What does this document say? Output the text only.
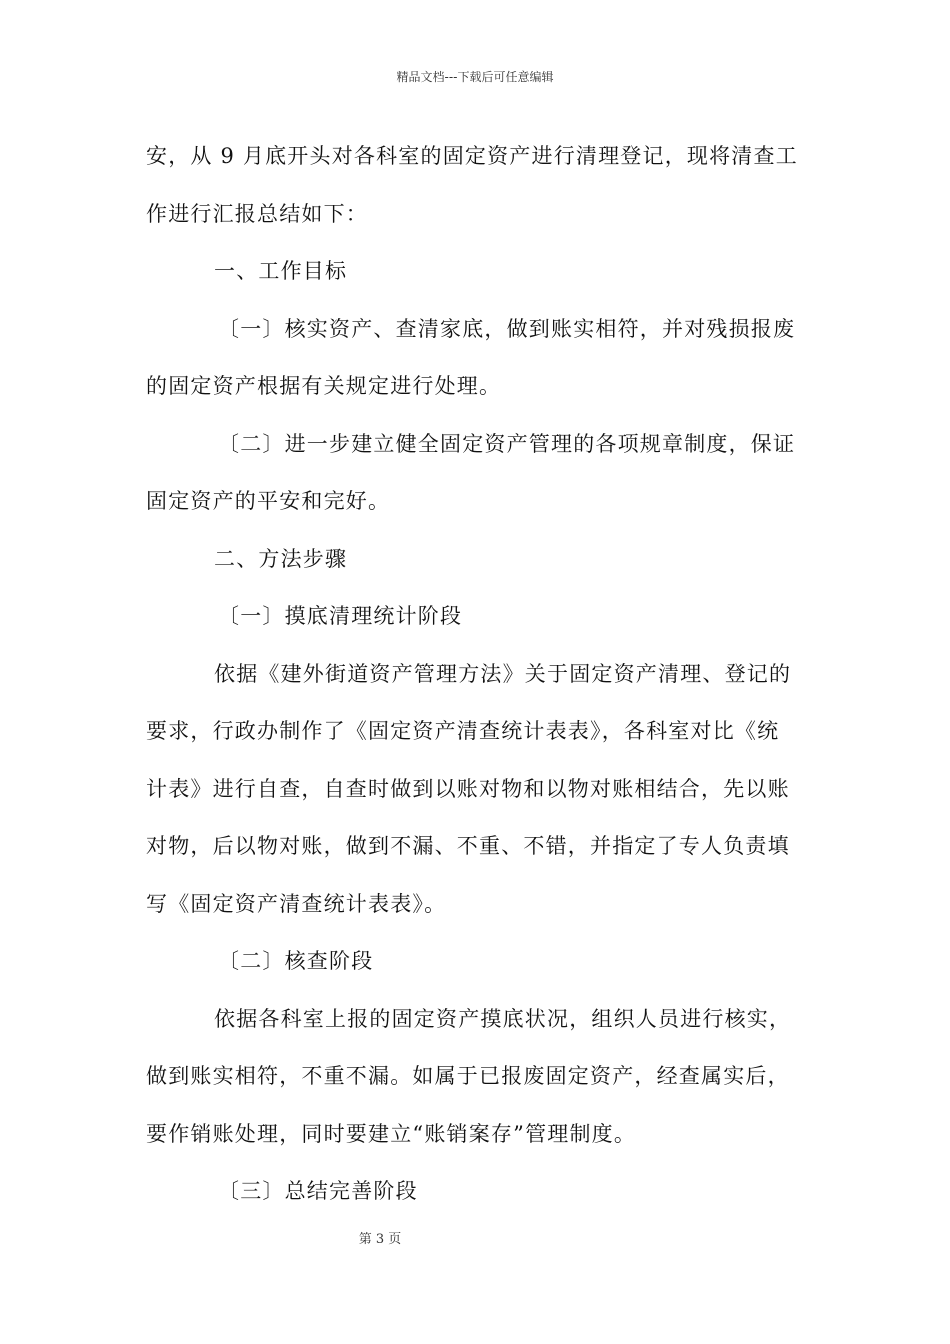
精品文档---下载后可任意编辑
安，从 9 月底开头对各科室的固定资产进行清理登记，现将清查工
作进行汇报总结如下：
一、工作目标
〔一〕核实资产、查清家底，做到账实相符，并对残损报废
的固定资产根据有关规定进行处理。
〔二〕进一步建立健全固定资产管理的各项规章制度，保证
固定资产的平安和完好。
二、方法步骤
〔一〕摸底清理统计阶段
依据《建外街道资产管理方法》关于固定资产清理、登记的
要求，行政办制作了《固定资产清查统计表表》，各科室对比《统
计表》进行自查，自查时做到以账对物和以物对账相结合，先以账
对物，后以物对账，做到不漏、不重、不错，并指定了专人负责填
写《固定资产清查统计表表》。
〔二〕核查阶段
依据各科室上报的固定资产摸底状况，组织人员进行核实，
做到账实相符，不重不漏。如属于已报废固定资产，经查属实后，
要作销账处理，同时要建立“账销案存”管理制度。
〔三〕总结完善阶段
第 3 页
